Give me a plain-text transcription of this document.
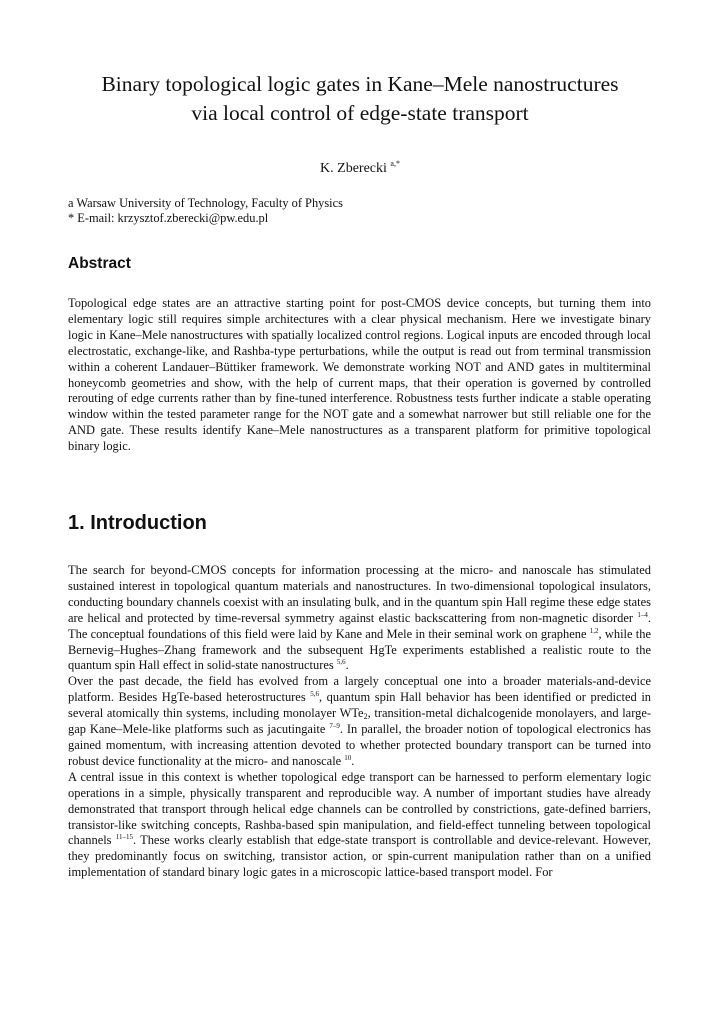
Binary topological logic gates in Kane–Mele nanostructures
via local control of edge-state transport
K. Zberecki $^{a,*}$
a Warsaw University of Technology, Faculty of Physics
* E-mail: krzysztof.zberecki@pw.edu.pl
Abstract

Topological edge states are an attractive starting point for post-CMOS device concepts, but turning them into elementary logic still requires simple architectures with a clear physical mechanism. Here we investigate binary logic in Kane–Mele nanostructures with spatially localized control regions. Logical inputs are encoded through local electrostatic, exchange-like, and Rashba-type perturbations, while the output is read out from terminal transmission within a coherent Landauer–Büttiker framework. We demonstrate working NOT and AND gates in multiterminal honeycomb geometries and show, with the help of current maps, that their operation is governed by controlled rerouting of edge currents rather than by fine-tuned interference. Robustness tests further indicate a stable operating window within the tested parameter range for the NOT gate and a somewhat narrower but still reliable one for the AND gate. These results identify Kane–Mele nanostructures as a transparent platform for primitive topological binary logic.

1. Introduction

The search for beyond-CMOS concepts for information processing at the micro- and nanoscale has stimulated sustained interest in topological quantum materials and nanostructures. In two-dimensional topological insulators, conducting boundary channels coexist with an insulating bulk, and in the quantum spin Hall regime these edge states are helical and protected by time-reversal symmetry against elastic backscattering from non-magnetic disorder $^{1-4}$. The conceptual foundations of this field were laid by Kane and Mele in their seminal work on graphene $^{1,2}$, while the Bernevig–Hughes–Zhang framework and the subsequent HgTe experiments established a realistic route to the quantum spin Hall effect in solid-state nanostructures $^{5,6}$.

Over the past decade, the field has evolved from a largely conceptual one into a broader materials-and-device platform. Besides HgTe-based heterostructures $^{5,6}$, quantum spin Hall behavior has been identified or predicted in several atomically thin systems, including monolayer WTe$_2$, transition-metal dichalcogenide monolayers, and large-gap Kane–Mele-like platforms such as jacutingaite $^{7-9}$. In parallel, the broader notion of topological electronics has gained momentum, with increasing attention devoted to whether protected boundary transport can be turned into robust device functionality at the micro- and nanoscale $^{10}$.

A central issue in this context is whether topological edge transport can be harnessed to perform elementary logic operations in a simple, physically transparent and reproducible way. A number of important studies have already demonstrated that transport through helical edge channels can be controlled by constrictions, gate-defined barriers, transistor-like switching concepts, Rashba-based spin manipulation, and field-effect tunneling between topological channels $^{11-15}$. These works clearly establish that edge-state transport is controllable and device-relevant. However, they predominantly focus on switching, transistor action, or spin-current manipulation rather than on a unified implementation of standard binary logic gates in a microscopic lattice-based transport model. For
